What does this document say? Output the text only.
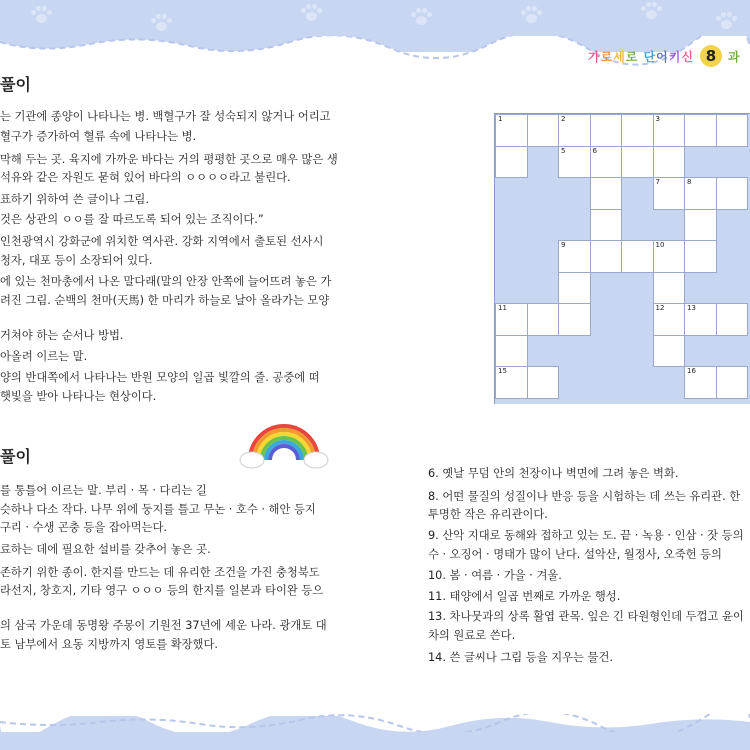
가로세로 단어키신 8 과
풀이
는 기관에 종양이 나타나는 병. 백혈구가 잘 성숙되지 않거나 어리고
혈구가 증가하여 혈류 속에 나타나는 병.
막해 두는 곳. 육지에 가까운 바다는 거의 평평한 곳으로 매우 많은 생
석유와 같은 자원도 묻혀 있어 바다의 ㅇㅇㅇㅇ라고 불린다.
표하기 위하여 쓴 글이나 그림.
것은 상관의 ㅇㅇ를 잘 따르도록 되어 있는 조직이다.”
인천광역시 강화군에 위치한 역사관. 강화 지역에서 출토된 선사시
청자, 대포 등이 소장되어 있다.
에 있는 천마총에서 나온 말다래(말의 안장 안쪽에 늘어뜨려 놓은 가
려진 그림. 순백의 천마(天馬) 한 마리가 하늘로 날아 올라가는 모양
거쳐야 하는 순서나 방법.
아올려 이르는 말.
양의 반대쪽에서 나타나는 반원 모양의 일곱 빛깔의 줄. 공중에 떠
햇빛을 받아 나타나는 현상이다.
풀이
를 통틀어 이르는 말. 부리 · 목 · 다리는 길
슷하나 다소 작다. 나무 위에 둥지를 틀고 무논 · 호수 · 해안 등지
구리 · 수생 곤충 등을 잡아먹는다.
료하는 데에 필요한 설비를 갖추어 놓은 곳.
존하기 위한 종이. 한지를 만드는 데 유리한 조건을 가진 충청북도
라선지, 창호지, 기타 영구 ㅇㅇㅇ 등의 한지를 일본과 타이완 등으
의 삼국 가운데 동명왕 주몽이 기원전 37년에 세운 나라. 광개토 대
토 남부에서 요동 지방까지 영토를 확장했다.
1	2	3
5	6
7	8
9	10
11	12	13
15	16
6. 옛날 무덤 안의 천장이나 벽면에 그려 놓은 벽화.
8. 어떤 물질의 성질이나 반응 등을 시험하는 데 쓰는 유리관. 한
투명한 작은 유리관이다.
9. 산악 지대로 동해와 접하고 있는 도. 끝 · 녹용 · 인삼 · 잣 등의
수 · 오징어 · 명태가 많이 난다. 설악산, 월정사, 오죽헌 등의
10. 봄 · 여름 · 가을 · 겨울.
11. 태양에서 일곱 번째로 가까운 행성.
13. 차나뭇과의 상록 활엽 관목. 잎은 긴 타원형인데 두껍고 윤이
차의 원료로 쓴다.
14. 쓴 글씨나 그림 등을 지우는 물건.
